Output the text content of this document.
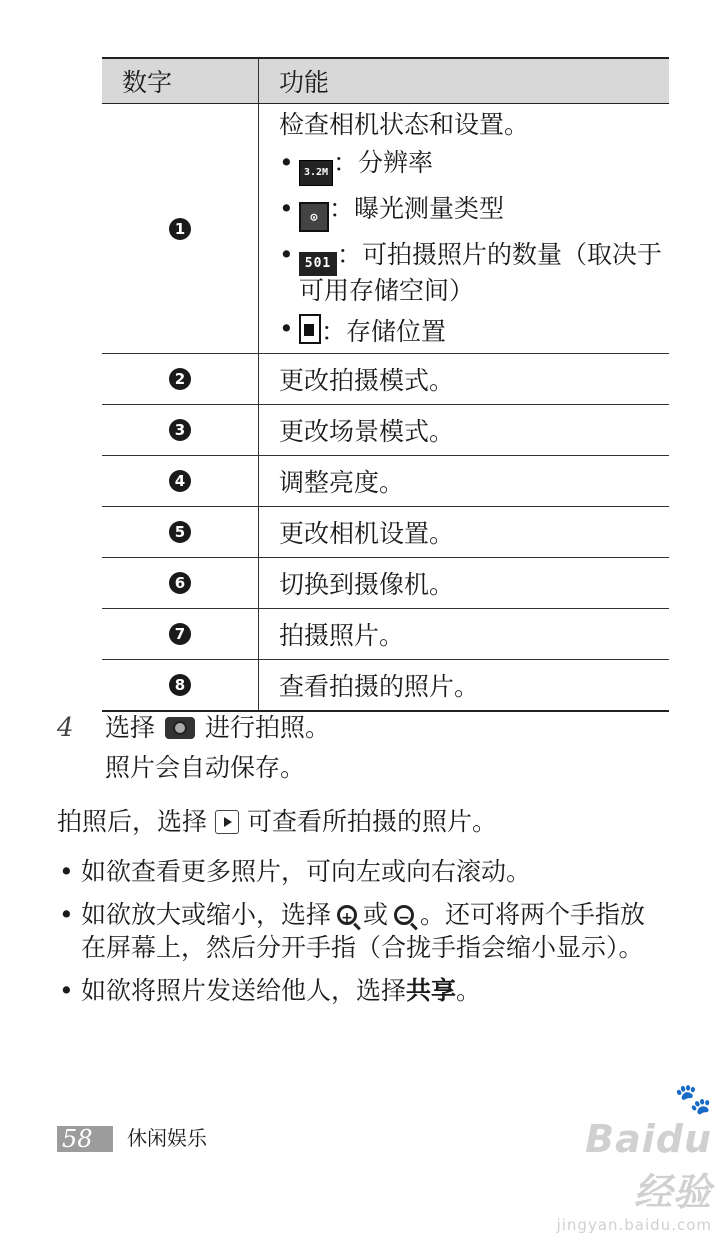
数字	功能
1	检查相机状态和设置。
• 3.2M ：分辨率
• ⊙ ：曝光测量类型
• 501 ：可拍摄照片的数量（取决于可用存储空间）
• ：存储位置

2	更改拍摄模式。
3	更改场景模式。
4	调整亮度。
5	更改相机设置。
6	切换到摄像机。
7	拍摄照片。
8	查看拍摄的照片。
4 选择 进行拍照。
照片会自动保存。
拍照后，选择 可查看所拍摄的照片。
• 如欲查看更多照片，可向左或向右滚动。
• 如欲放大或缩小，选择 + 或 − 。还可将两个手指放在屏幕上，然后分开手指（合拢手指会缩小显示）。
• 如欲将照片发送给他人，选择共享。
58 休闲娱乐
🐾
Baidu 经验
jingyan.baidu.com
